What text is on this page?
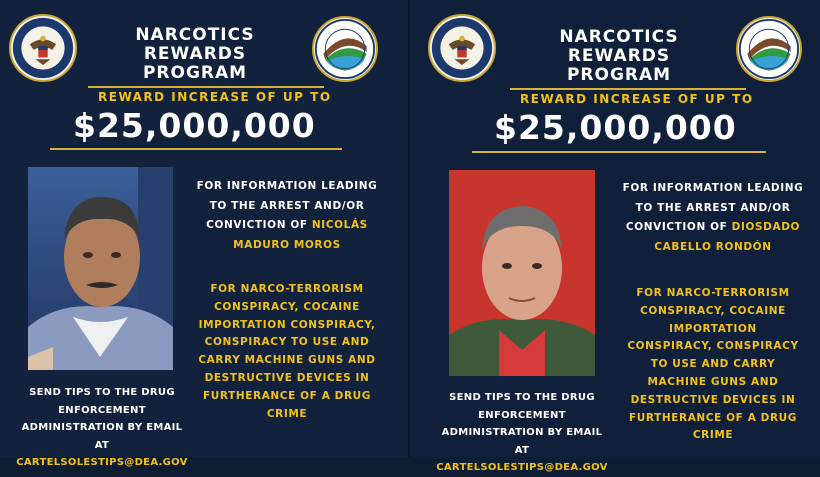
NARCOTICS
REWARDS
PROGRAM
REWARD INCREASE OF UP TO
$25,000,000
FOR INFORMATION LEADING
TO THE ARREST AND/OR
CONVICTION OF NICOLÁS
MADURO MOROS
FOR NARCO-TERRORISM
CONSPIRACY, COCAINE
IMPORTATION CONSPIRACY,
CONSPIRACY TO USE AND
CARRY MACHINE GUNS AND
DESTRUCTIVE DEVICES IN
FURTHERANCE OF A DRUG
CRIME
SEND TIPS TO THE DRUG
ENFORCEMENT
ADMINISTRATION BY EMAIL AT
CARTELSOLESTIPS@DEA.GOV
NARCOTICS
REWARDS
PROGRAM
REWARD INCREASE OF UP TO
$25,000,000
FOR INFORMATION LEADING
TO THE ARREST AND/OR
CONVICTION OF DIOSDADO
CABELLO RONDÓN
FOR NARCO-TERRORISM
CONSPIRACY, COCAINE
IMPORTATION
CONSPIRACY, CONSPIRACY
TO USE AND CARRY
MACHINE GUNS AND
DESTRUCTIVE DEVICES IN
FURTHERANCE OF A DRUG
CRIME
SEND TIPS TO THE DRUG
ENFORCEMENT
ADMINISTRATION BY EMAIL AT
CARTELSOLESTIPS@DEA.GOV
